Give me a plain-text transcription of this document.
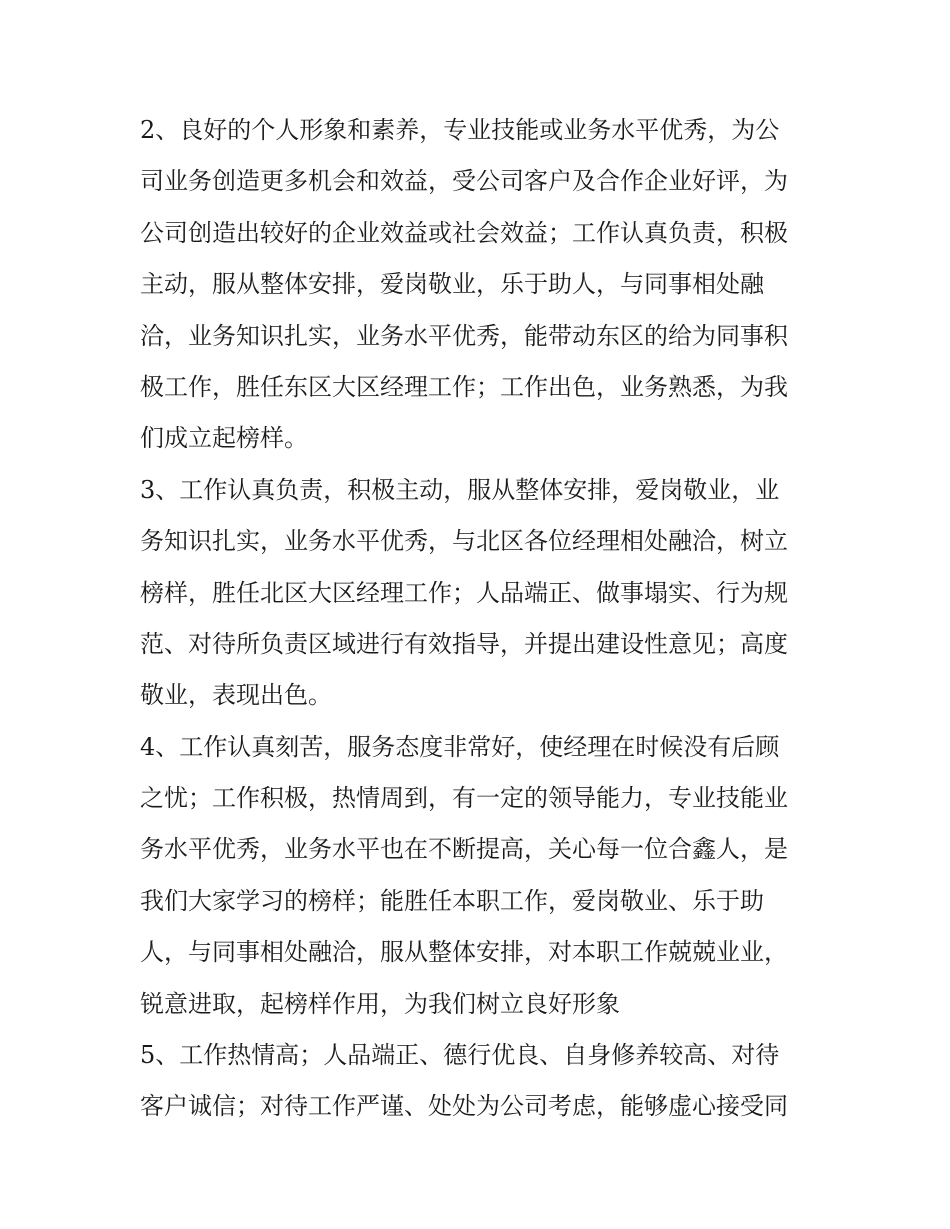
2、良好的个人形象和素养，专业技能或业务水平优秀，为公
司业务创造更多机会和效益，受公司客户及合作企业好评，为
公司创造出较好的企业效益或社会效益；工作认真负责，积极
主动，服从整体安排，爱岗敬业，乐于助人，与同事相处融
洽，业务知识扎实，业务水平优秀，能带动东区的给为同事积
极工作，胜任东区大区经理工作；工作出色，业务熟悉，为我
们成立起榜样。
3、工作认真负责，积极主动，服从整体安排，爱岗敬业，业
务知识扎实，业务水平优秀，与北区各位经理相处融洽，树立
榜样，胜任北区大区经理工作；人品端正、做事塌实、行为规
范、对待所负责区域进行有效指导，并提出建设性意见；高度
敬业，表现出色。
4、工作认真刻苦，服务态度非常好，使经理在时候没有后顾
之忧；工作积极，热情周到，有一定的领导能力，专业技能业
务水平优秀，业务水平也在不断提高，关心每一位合鑫人，是
我们大家学习的榜样；能胜任本职工作，爱岗敬业、乐于助
人，与同事相处融洽，服从整体安排，对本职工作兢兢业业，
锐意进取，起榜样作用，为我们树立良好形象
5、工作热情高；人品端正、德行优良、自身修养较高、对待
客户诚信；对待工作严谨、处处为公司考虑，能够虚心接受同
